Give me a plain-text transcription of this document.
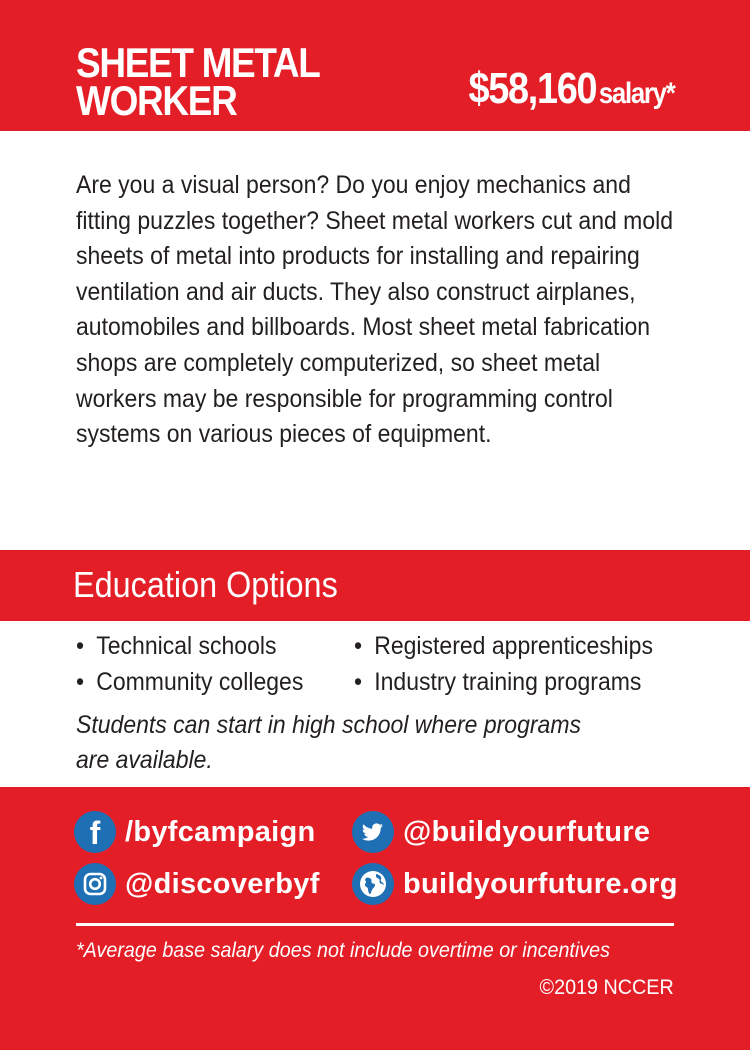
SHEET METAL
WORKER	$58,160 salary*

Are you a visual person? Do you enjoy mechanics and fitting puzzles together? Sheet metal workers cut and mold sheets of metal into products for installing and repairing ventilation and air ducts. They also construct airplanes, automobiles and billboards. Most sheet metal fabrication shops are completely computerized, so sheet metal workers may be responsible for programming control systems on various pieces of equipment.

Education Options
• Technical schools	• Registered apprenticeships
• Community colleges • Industry training programs
Students can start in high school where programs are available.
f /byfcampaign	@buildyourfuture
@discoverbyf	buildyourfuture.org
*Average base salary does not include overtime or incentives
©2019 NCCER
